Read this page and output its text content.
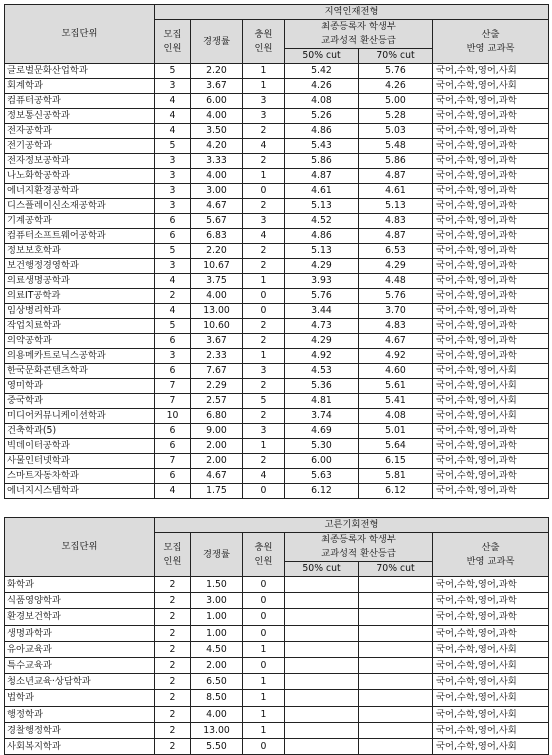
모집단위	지역인재전형					
	모집
인원	경쟁률	충원
인원	최종등록자 학생부
교과성적 환산등급		산출
반영 교과목
				50% cut	70% cut	
글로벌문화산업학과	5	2.20	1	5.42	5.76	국어,수학,영어,사회
회계학과	3	3.67	1	4.26	4.26	국어,수학,영어,사회
컴퓨터공학과	4	6.00	3	4.08	5.00	국어,수학,영어,과학
정보통신공학과	4	4.00	3	5.26	5.28	국어,수학,영어,과학
전자공학과	4	3.50	2	4.86	5.03	국어,수학,영어,과학
전기공학과	5	4.20	4	5.43	5.48	국어,수학,영어,과학
전자정보공학과	3	3.33	2	5.86	5.86	국어,수학,영어,과학
나노화학공학과	3	4.00	1	4.87	4.87	국어,수학,영어,과학
에너지환경공학과	3	3.00	0	4.61	4.61	국어,수학,영어,과학
디스플레이신소재공학과	3	4.67	2	5.13	5.13	국어,수학,영어,과학
기계공학과	6	5.67	3	4.52	4.83	국어,수학,영어,과학
컴퓨터소프트웨어공학과	6	6.83	4	4.86	4.87	국어,수학,영어,과학
정보보호학과	5	2.20	2	5.13	6.53	국어,수학,영어,과학
보건행정경영학과	3	10.67	2	4.29	4.29	국어,수학,영어,과학
의료생명공학과	4	3.75	1	3.93	4.48	국어,수학,영어,과학
의료IT공학과	2	4.00	0	5.76	5.76	국어,수학,영어,과학
임상병리학과	4	13.00	0	3.44	3.70	국어,수학,영어,과학
작업치료학과	5	10.60	2	4.73	4.83	국어,수학,영어,과학
의약공학과	6	3.67	2	4.29	4.67	국어,수학,영어,과학
의용메카트로닉스공학과	3	2.33	1	4.92	4.92	국어,수학,영어,과학
한국문화콘텐츠학과	6	7.67	3	4.53	4.60	국어,수학,영어,사회
영미학과	7	2.29	2	5.36	5.61	국어,수학,영어,사회
중국학과	7	2.57	5	4.81	5.41	국어,수학,영어,사회
미디어커뮤니케이션학과	10	6.80	2	3.74	4.08	국어,수학,영어,사회
건축학과(5)	6	9.00	3	4.69	5.01	국어,수학,영어,과학
빅데이터공학과	6	2.00	1	5.30	5.64	국어,수학,영어,과학
사물인터넷학과	7	2.00	2	6.00	6.15	국어,수학,영어,과학
스마트자동차학과	6	4.67	4	5.63	5.81	국어,수학,영어,과학
에너지시스템학과	4	1.75	0	6.12	6.12	국어,수학,영어,과학
모집단위	고른기회전형					
	모집
인원	경쟁률	충원
인원	최종등록자 학생부
교과성적 환산등급		산출
반영 교과목
				50% cut	70% cut	
화학과	2	1.50	0			국어,수학,영어,과학
식품영양학과	2	3.00	0			국어,수학,영어,과학
환경보건학과	2	1.00	0			국어,수학,영어,과학
생명과학과	2	1.00	0			국어,수학,영어,과학
유아교육과	2	4.50	1			국어,수학,영어,사회
특수교육과	2	2.00	0			국어,수학,영어,사회
청소년교육·상담학과	2	6.50	1			국어,수학,영어,사회
법학과	2	8.50	1			국어,수학,영어,사회
행정학과	2	4.00	1			국어,수학,영어,사회
경찰행정학과	2	13.00	1			국어,수학,영어,사회
사회복지학과	2	5.50	0			국어,수학,영어,사회
